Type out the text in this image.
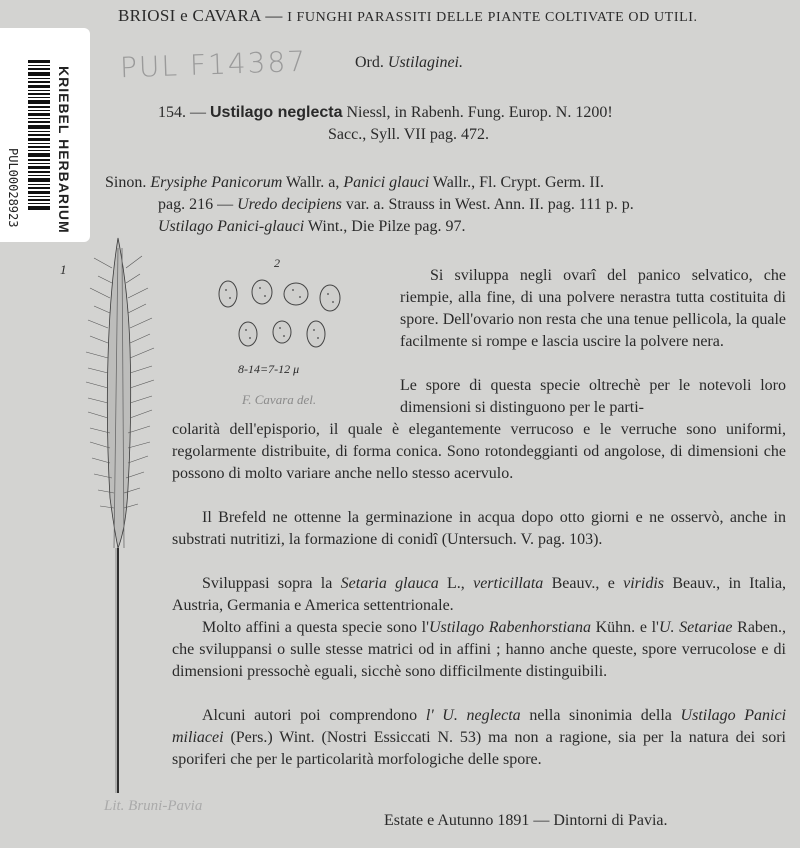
KRIEBEL HERBARIUM
PUL00028923
BRIOSI e CAVARA — I FUNGHI PARASSITI DELLE PIANTE COLTIVATE OD UTILI.
PUL F14387	Ord. Ustilaginei.
154. — Ustilago neglecta Niessl, in Rabenh. Fung. Europ. N. 1200!
Sacc., Syll. VII pag. 472.
Sinon. Erysiphe Panicorum Wallr. a, Panici glauci Wallr., Fl. Crypt. Germ. II.
pag. 216 — Uredo decipiens var. a. Strauss in West. Ann. II. pag. 111 p. p.
Ustilago Panici-glauci Wint., Die Pilze pag. 97.
1	2
8-14=7-12 μ
F. Cavara del.
Si sviluppa negli ovarî del panico selvatico, che riempie, alla fine, di una polvere nerastra tutta costituita di spore. Dell'ovario non resta che una tenue pellicola, la quale facilmente si rompe e lascia uscire la polvere nera.
Le spore di questa specie oltrechè per le notevoli loro dimensioni si distinguono per le parti-
colarità dell'episporio, il quale è elegantemente verrucoso e le verruche sono uniformi, regolarmente distribuite, di forma conica. Sono rotondeggianti od angolose, di dimensioni che possono di molto variare anche nello stesso acervulo.
Il Brefeld ne ottenne la germinazione in acqua dopo otto giorni e ne osservò, anche in substrati nutritizi, la formazione di conidî (Untersuch. V. pag. 103).
Sviluppasi sopra la Setaria glauca L., verticillata Beauv., e viridis Beauv., in Italia, Austria, Germania e America settentrionale.
Molto affini a questa specie sono l'Ustilago Rabenhorstiana Kühn. e l'U. Setariae Raben., che sviluppansi o sulle stesse matrici od in affini ; hanno anche queste, spore verrucolose e di dimensioni pressochè eguali, sicchè sono difficilmente distinguibili.
Alcuni autori poi comprendono l' U. neglecta nella sinonimia della Ustilago Panici miliacei (Pers.) Wint. (Nostri Essiccati N. 53) ma non a ragione, sia per la natura dei sori sporiferi che per le particolarità morfologiche delle spore.
Lit. Bruni-Pavia
Estate e Autunno 1891 — Dintorni di Pavia.
